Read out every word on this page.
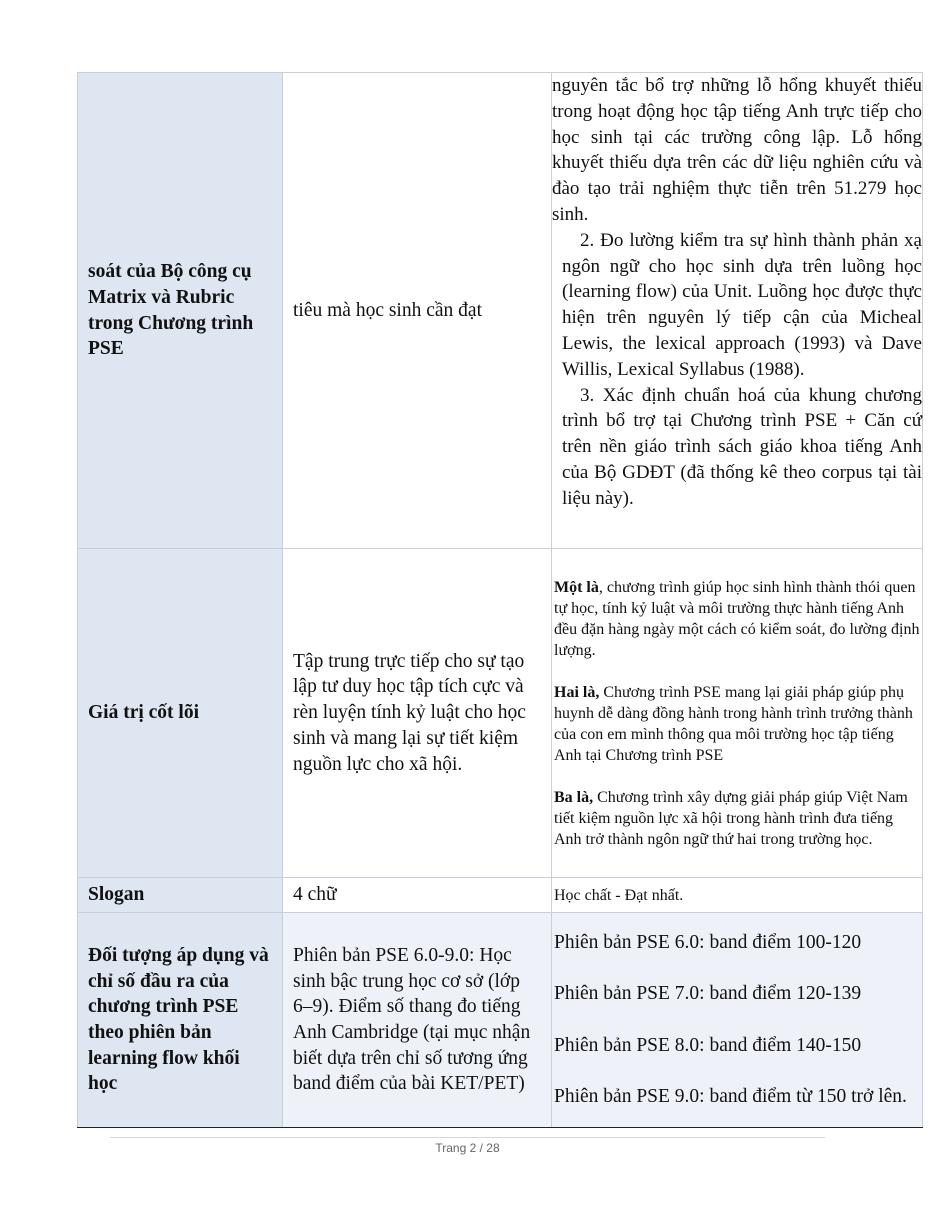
soát của Bộ công cụ Matrix và Rubric trong Chương trình PSE	tiêu mà học sinh cần đạt	nguyên tắc bổ trợ những lỗ hổng khuyết thiếu trong hoạt động học tập tiếng Anh trực tiếp cho học sinh tại các trường công lập. Lỗ hổng khuyết thiếu dựa trên các dữ liệu nghiên cứu và đào tạo trải nghiệm thực tiễn trên 51.279 học sinh.

2. Đo lường kiểm tra sự hình thành phản xạ ngôn ngữ cho học sinh dựa trên luồng học (learning flow) của Unit. Luồng học được thực hiện trên nguyên lý tiếp cận của Micheal Lewis, the lexical approach (1993) và Dave Willis, Lexical Syllabus (1988).

3. Xác định chuẩn hoá của khung chương trình bổ trợ tại Chương trình PSE + Căn cứ trên nền giáo trình sách giáo khoa tiếng Anh của Bộ GDĐT (đã thống kê theo corpus tại tài liệu này).

Giá trị cốt lõi	Tập trung trực tiếp cho sự tạo lập tư duy học tập tích cực và rèn luyện tính kỷ luật cho học sinh và mang lại sự tiết kiệm nguồn lực cho xã hội.	Một là, chương trình giúp học sinh hình thành thói quen tự học, tính kỷ luật và môi trường thực hành tiếng Anh đều đặn hàng ngày một cách có kiểm soát, đo lường định lượng.

Hai là, Chương trình PSE mang lại giải pháp giúp phụ huynh dễ dàng đồng hành trong hành trình trưởng thành của con em mình thông qua môi trường học tập tiếng Anh tại Chương trình PSE

Ba là, Chương trình xây dựng giải pháp giúp Việt Nam tiết kiệm nguồn lực xã hội trong hành trình đưa tiếng Anh trở thành ngôn ngữ thứ hai trong trường học.

Slogan	4 chữ	Học chất - Đạt nhất.
Đối tượng áp dụng và chỉ số đầu ra của chương trình PSE theo phiên bản learning flow khối học	Phiên bản PSE 6.0-9.0: Học sinh bậc trung học cơ sở (lớp 6–9). Điểm số thang đo tiếng Anh Cambridge (tại mục nhận biết dựa trên chỉ số tương ứng band điểm của bài KET/PET)	Phiên bản PSE 6.0: band điểm 100-120

Phiên bản PSE 7.0: band điểm 120-139

Phiên bản PSE 8.0: band điểm 140-150

Phiên bản PSE 9.0: band điểm từ 150 trở lên.

Trang 2 / 28
